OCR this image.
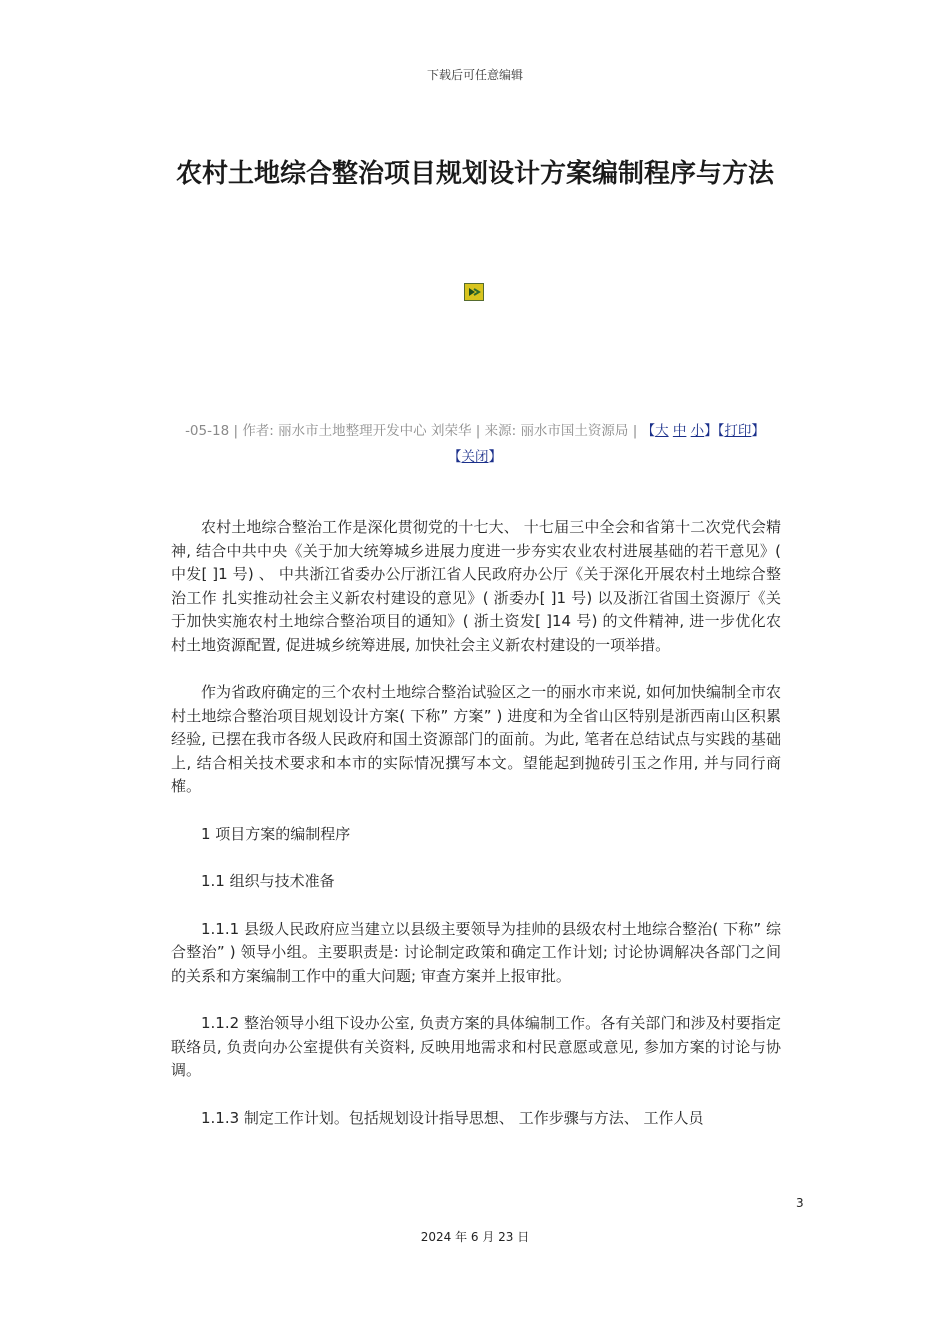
下载后可任意编辑
农村土地综合整治项目规划设计方案编制程序与方法
-05-18 | 作者: 丽水市土地整理开发中心 刘荣华 | 来源: 丽水市国土资源局 | 【大 中 小】【打印】
【关闭】

农村土地综合整治工作是深化贯彻党的十七大、 十七届三中全会和省第十二次党代会精神, 结合中共中央《关于加大统筹城乡进展力度进一步夯实农业农村进展基础的若干意见》( 中发[ ]1 号) 、 中共浙江省委办公厅浙江省人民政府办公厅《关于深化开展农村土地综合整治工作 扎实推动社会主义新农村建设的意见》( 浙委办[ ]1 号) 以及浙江省国土资源厅《关于加快实施农村土地综合整治项目的通知》( 浙土资发[ ]14 号) 的文件精神, 进一步优化农村土地资源配置, 促进城乡统筹进展, 加快社会主义新农村建设的一项举措。

作为省政府确定的三个农村土地综合整治试验区之一的丽水市来说, 如何加快编制全市农村土地综合整治项目规划设计方案( 下称” 方案” ) 进度和为全省山区特别是浙西南山区积累经验, 已摆在我市各级人民政府和国土资源部门的面前。为此, 笔者在总结试点与实践的基础上, 结合相关技术要求和本市的实际情况撰写本文。望能起到抛砖引玉之作用, 并与同行商榷。

1 项目方案的编制程序

1.1 组织与技术准备

1.1.1 县级人民政府应当建立以县级主要领导为挂帅的县级农村土地综合整治( 下称” 综合整治” ) 领导小组。主要职责是: 讨论制定政策和确定工作计划; 讨论协调解决各部门之间的关系和方案编制工作中的重大问题; 审查方案并上报审批。

1.1.2 整治领导小组下设办公室, 负责方案的具体编制工作。各有关部门和涉及村要指定联络员, 负责向办公室提供有关资料, 反映用地需求和村民意愿或意见, 参加方案的讨论与协调。

1.1.3 制定工作计划。包括规划设计指导思想、 工作步骤与方法、 工作人员

3
2024 年 6 月 23 日
